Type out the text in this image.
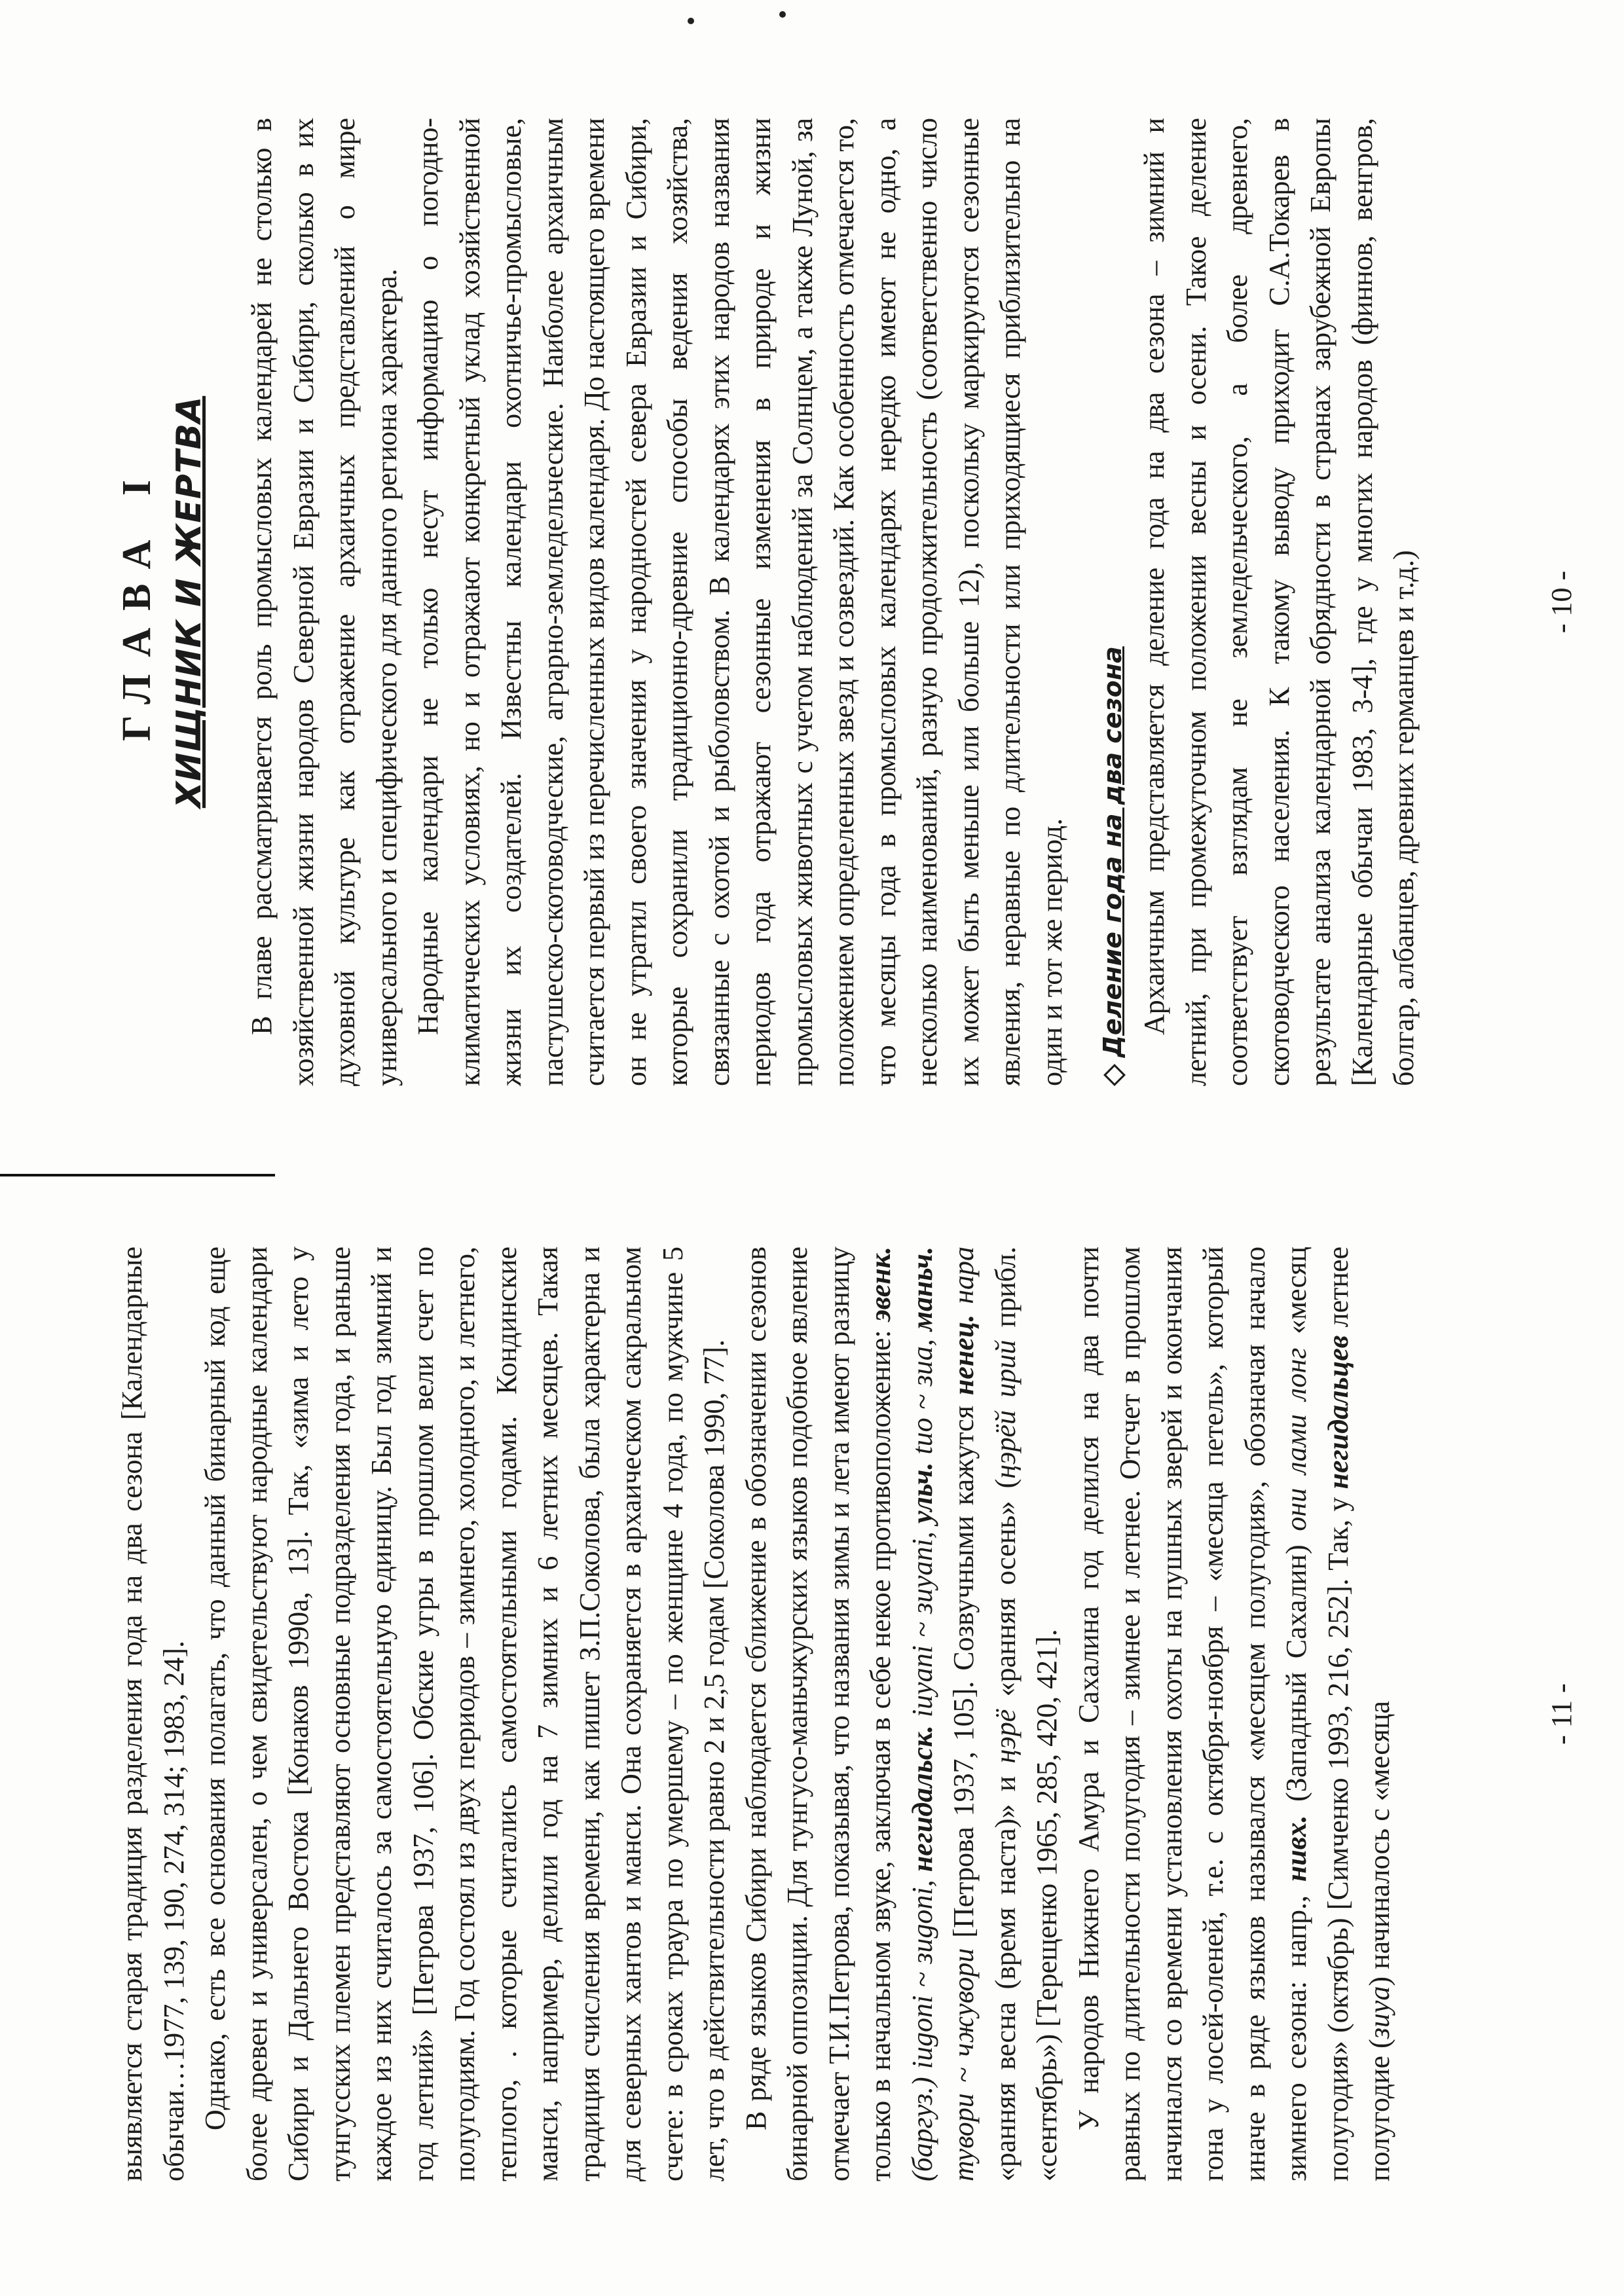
выявляется старая традиция разделения года на два сезона [Календарные обычаи…1977, 139, 190, 274, 314; 1983, 24]. Однако, есть все основания полагать, что данный бинарный код еще более древен и универсален, о чем свидетельствуют народные календари Сибири и Дальнего Востока [Конаков 1990а, 13]. Так, «зима и лето у тунгусских племен представляют основные подразделения года, и раньше каждое из них считалось за самостоятельную единицу. Был год зимний и год летний» [Петрова 1937, 106]. Обские угры в прошлом вели счет по полугодиям. Год состоял из двух периодов – зимнего, холодного, и летнего, теплого, . которые считались самостоятельными годами. Кондинские манси, например, делили год на 7 зимних и 6 летних месяцев. Такая традиция счисления времени, как пишет З.П.Соколова, была характерна и для северных хантов и манси. Она сохраняется в архаическом сакральном счете: в сроках траура по умершему – по женщине 4 года, по мужчине 5 лет, что в действительности равно 2 и 2,5 годам [Соколова 1990, 77]. В ряде языков Сибири наблюдается сближение в обозначении сезонов бинарной оппозиции. Для тунгусо-маньчжурских языков подобное явление отмечает Т.И.Петрова, показывая, что названия зимы и лета имеют разницу только в начальном звуке, заключая в себе некое противоположение: эвенк. (баргуз.) iugoni ~ зиgoni, негидальск. iuyani ~ зиyani, ульч. tuo ~ зиа, маньч. туворu ~ чжуворu [Петрова 1937, 105]. Созвучными кажутся ненец. нара «ранняя весна (время наста)» и ңэрё «ранняя осень» (ңэрёй ирий прибл. «сентябрь») [Терещенко 1965, 285, 420, 421]. У народов Нижнего Амура и Сахалина год делился на два почти равных по длительности полугодия – зимнее и летнее. Отсчет в прошлом начинался со времени установления охоты на пушных зверей и окончания гона у лосей-оленей, т.е. с октября-ноября – «месяца петель», который иначе в ряде языков назывался «месяцем полугодия», обозначая начало зимнего сезона: напр., нивх. (Западный Сахалин) они лами лонг «месяц полугодия» (октябрь) [Симченко 1993, 216, 252]. Так, у негидальцев летнее полугодие (зиуа) начиналось с «месяца	- 11 -
ГЛАВА I ХИЩНИК И ЖЕРТВА В главе рассматривается роль промысловых календарей не столько в хозяйственной жизни народов Северной Евразии и Сибири, сколько в их духовной культуре как отражение архаичных представлений о мире универсального и специфического для данного региона характера. Народные календари не только несут информацию о погодно-климатических условиях, но и отражают конкретный уклад хозяйственной жизни их создателей. Известны календари охотничье-промысловые, пастушеско-скотоводческие, аграрно-земледельческие. Наиболее архаичным считается первый из перечисленных видов календаря. До настоящего времени он не утратил своего значения у народностей севера Евразии и Сибири, которые сохранили традиционно-древние способы ведения хозяйства, связанные с охотой и рыболовством. В календарях этих народов названия периодов года отражают сезонные изменения в природе и жизни промысловых животных с учетом наблюдений за Солнцем, а также Луной, за положением определенных звезд и созвездий. Как особенность отмечается то, что месяцы года в промысловых календарях нередко имеют не одно, а несколько наименований, разную продолжительность (соответственно число их может быть меньше или больше 12), поскольку маркируются сезонные явления, неравные по длительности или приходящиеся приблизительно на один и тот же период. Деление года на два сезона Архаичным представляется деление года на два сезона – зимний и летний, при промежуточном положении весны и осени. Такое деление соответствует взглядам не земледельческого, а более древнего, скотоводческого населения. К такому выводу приходит С.А.Токарев в результате анализа календарной обрядности в странах зарубежной Европы [Календарные обычаи 1983, 3-4], где у многих народов (финнов, венгров, болгар, албанцев, древних германцев и т.д.)	- 10 -
